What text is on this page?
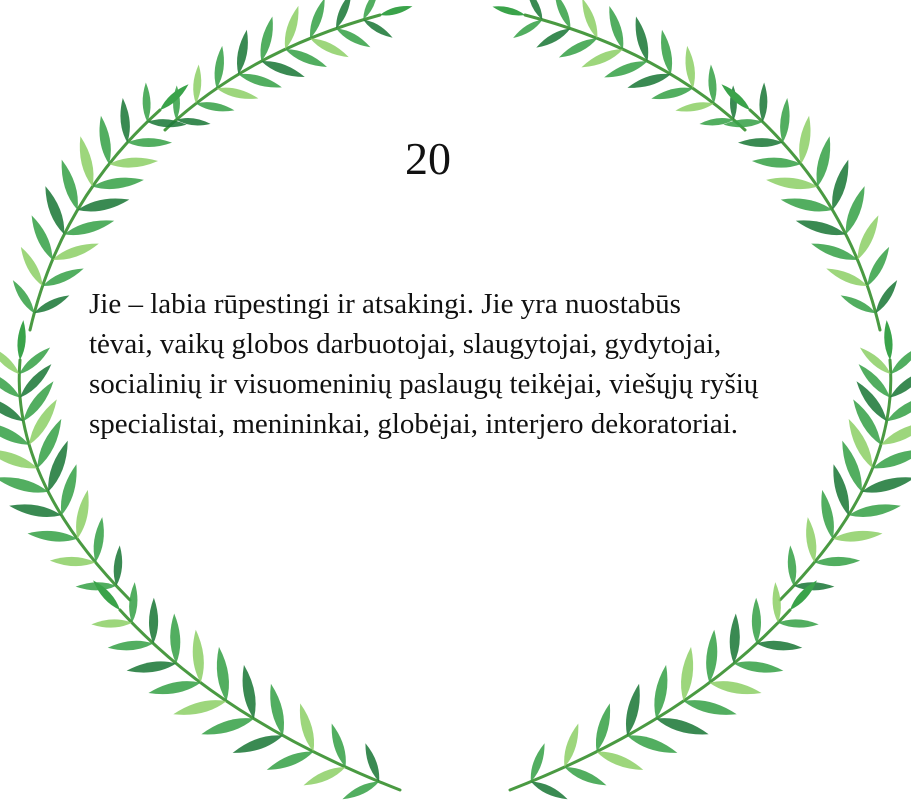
20

Jie – labia rūpestingi ir atsakingi. Jie yra nuostabūs
tėvai, vaikų globos darbuotojai, slaugytojai, gydytojai,
socialinių ir visuomeninių paslaugų teikėjai, viešųjų ryšių
specialistai, menininkai, globėjai, interjero dekoratoriai.
